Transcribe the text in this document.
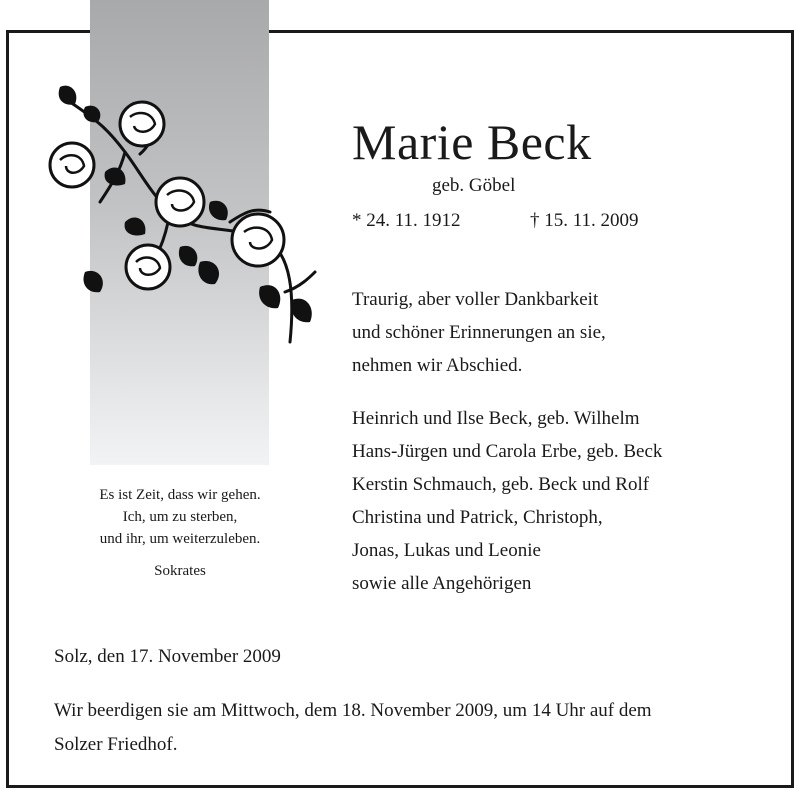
Marie Beck
geb. Göbel
* 24. 11. 1912	† 15. 11. 2009
Traurig, aber voller Dankbarkeit
und schöner Erinnerungen an sie,
nehmen wir Abschied.
Heinrich und Ilse Beck, geb. Wilhelm
Hans-Jürgen und Carola Erbe, geb. Beck
Kerstin Schmauch, geb. Beck und Rolf
Christina und Patrick, Christoph,
Jonas, Lukas und Leonie
sowie alle Angehörigen
Es ist Zeit, dass wir gehen.
Ich, um zu sterben,
und ihr, um weiterzuleben.
Sokrates
Solz, den 17. November 2009
Wir beerdigen sie am Mittwoch, dem 18. November 2009, um 14 Uhr auf dem
Solzer Friedhof.
